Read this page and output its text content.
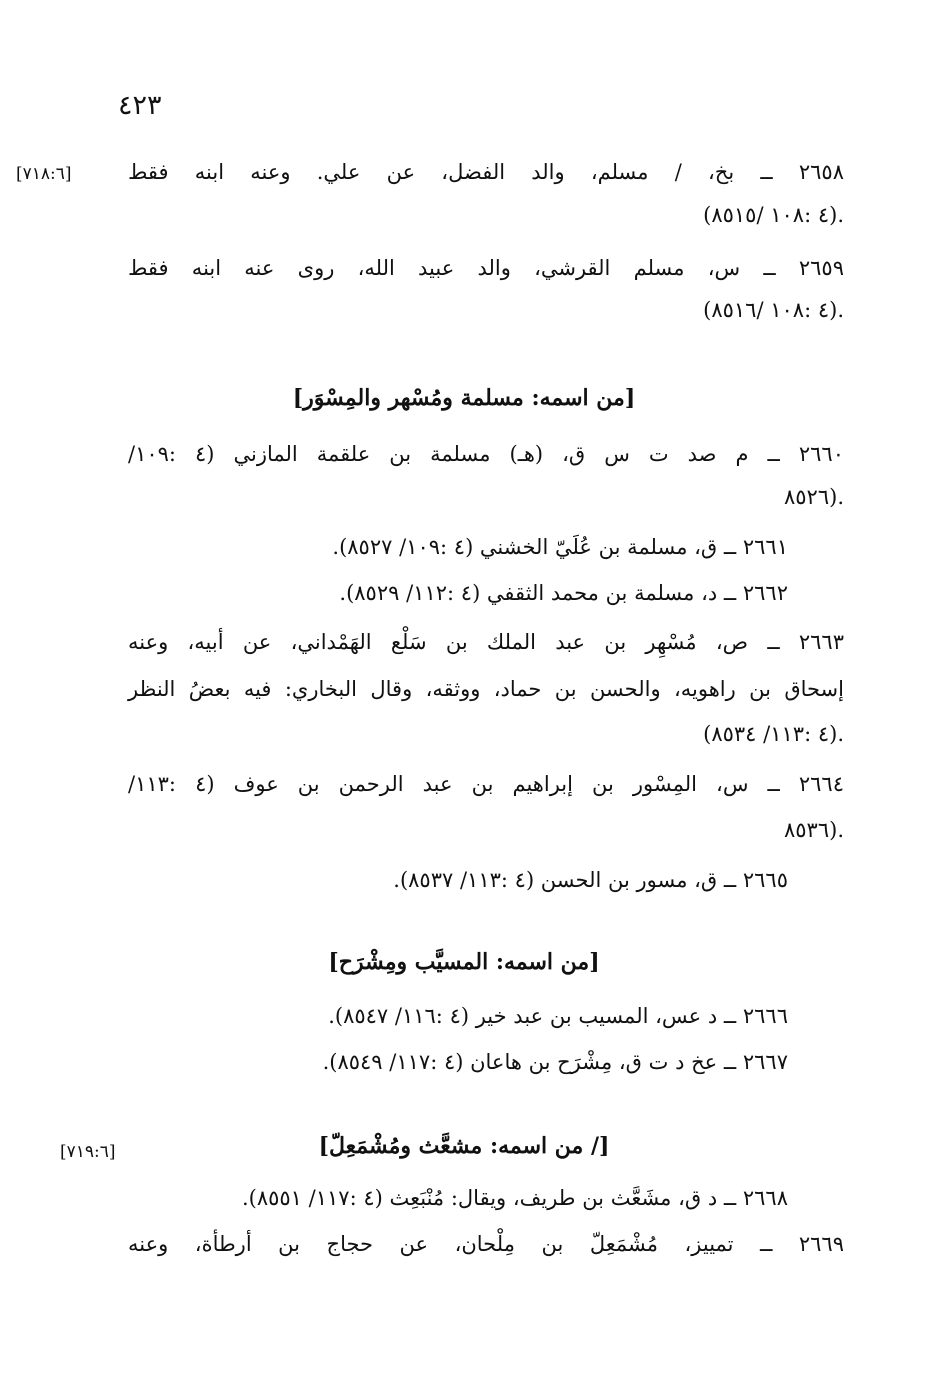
٤٢٣
[٧١٨:٦]
[٧١٩:٦]
٢٦٥٨ ــ بخ، / مسلم، والد الفضل، عن علي. وعنه ابنه فقط
(٤ :١٠٨ /٨٥١٥).
٢٦٥٩ ــ س، مسلم القرشي، والد عبيد الله، روى عنه ابنه فقط
(٤ :١٠٨ /٨٥١٦).
[من اسمه: مسلمة ومُسْهر والمِسْوَر]
٢٦٦٠ ــ م صد ت س ق، (هـ) مسلمة بن علقمة المازني (٤ :١٠٩/
٨٥٢٦).
٢٦٦١ ــ ق، مسلمة بن عُلَيّ الخشني (٤ :١٠٩/ ٨٥٢٧).
٢٦٦٢ ــ د، مسلمة بن محمد الثقفي (٤ :١١٢/ ٨٥٢٩).
٢٦٦٣ ــ ص، مُسْهِر بن عبد الملك بن سَلْع الهَمْداني، عن أبيه، وعنه
إسحاق بن راهويه، والحسن بن حماد، ووثقه، وقال البخاري: فيه بعضُ النظر
(٤ :١١٣/ ٨٥٣٤).
٢٦٦٤ ــ س، المِسْور بن إبراهيم بن عبد الرحمن بن عوف (٤ :١١٣/
٨٥٣٦).
٢٦٦٥ ــ ق، مسور بن الحسن (٤ :١١٣/ ٨٥٣٧).
[من اسمه: المسيَّب ومِشْرَح]
٢٦٦٦ ــ د عس، المسيب بن عبد خير (٤ :١١٦/ ٨٥٤٧).
٢٦٦٧ ــ عخ د ت ق، مِشْرَح بن هاعان (٤ :١١٧/ ٨٥٤٩).
[/ من اسمه: مشعَّث ومُشْمَعِلّ]
٢٦٦٨ ــ د ق، مشَعَّث بن طريف، ويقال: مُنْبَعِث (٤ :١١٧/ ٨٥٥١).
٢٦٦٩ ــ تمييز، مُشْمَعِلّ بن مِلْحان، عن حجاج بن أرطأة، وعنه
